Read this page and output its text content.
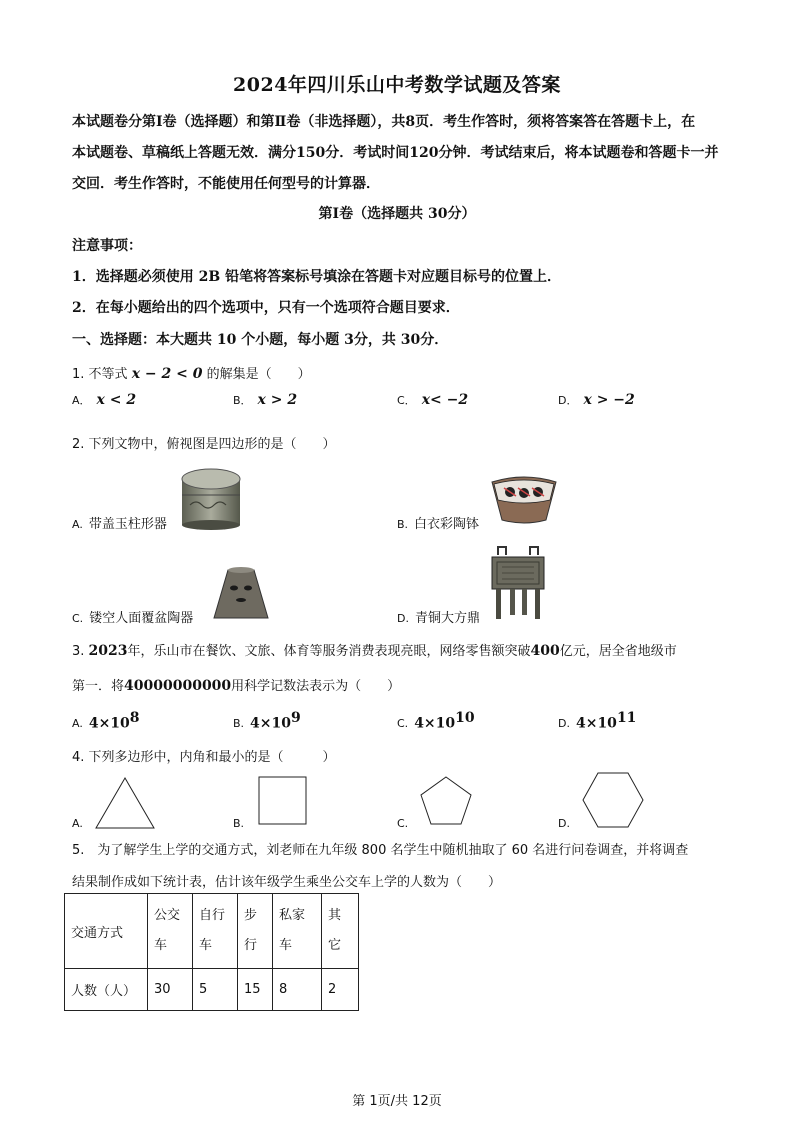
2024年四川乐山中考数学试题及答案
本试题卷分第Ⅰ卷（选择题）和第Ⅱ卷（非选择题），共8页．考生作答时，须将答案答在答题卡上，在
本试题卷、草稿纸上答题无效．满分150分．考试时间120分钟．考试结束后，将本试题卷和答题卡一并
交回．考生作答时，不能使用任何型号的计算器．
第Ⅰ卷（选择题共 30分）
注意事项：
1．选择题必须使用 2B 铅笔将答案标号填涂在答题卡对应题目标号的位置上．
2．在每小题给出的四个选项中，只有一个选项符合题目要求．
一、选择题：本大题共 10 个小题，每小题 3分，共 30分．
1. 不等式 x − 2 < 0 的解集是（　　）
A． x < 2	B． x > 2	C． x< −2	D． x > −2
2. 下列文物中，俯视图是四边形的是（　　）
A. 带盖玉柱形器	B. 白衣彩陶钵
C. 镂空人面覆盆陶器	D. 青铜大方鼎
3. 2023年，乐山市在餐饮、文旅、体育等服务消费表现亮眼，网络零售额突破400亿元，居全省地级市
第一．将40000000000用科学记数法表示为（　　）
A. $4\times 10^8$	B. $4\times 10^9$	C. $4\times 10^{10}$	D. $4\times 10^{11}$
4. 下列多边形中，内角和最小的是（　　　）
A.	B.	C.	D.
5.　为了解学生上学的交通方式，刘老师在九年级 800 名学生中随机抽取了 60 名进行问卷调查，并将调查
结果制作成如下统计表，估计该年级学生乘坐公交车上学的人数为（　　）
交通方式	公交车	自行车	步行	私家车	其它
人数（人）	30	5	15	8	2
第 1页/共 12页
